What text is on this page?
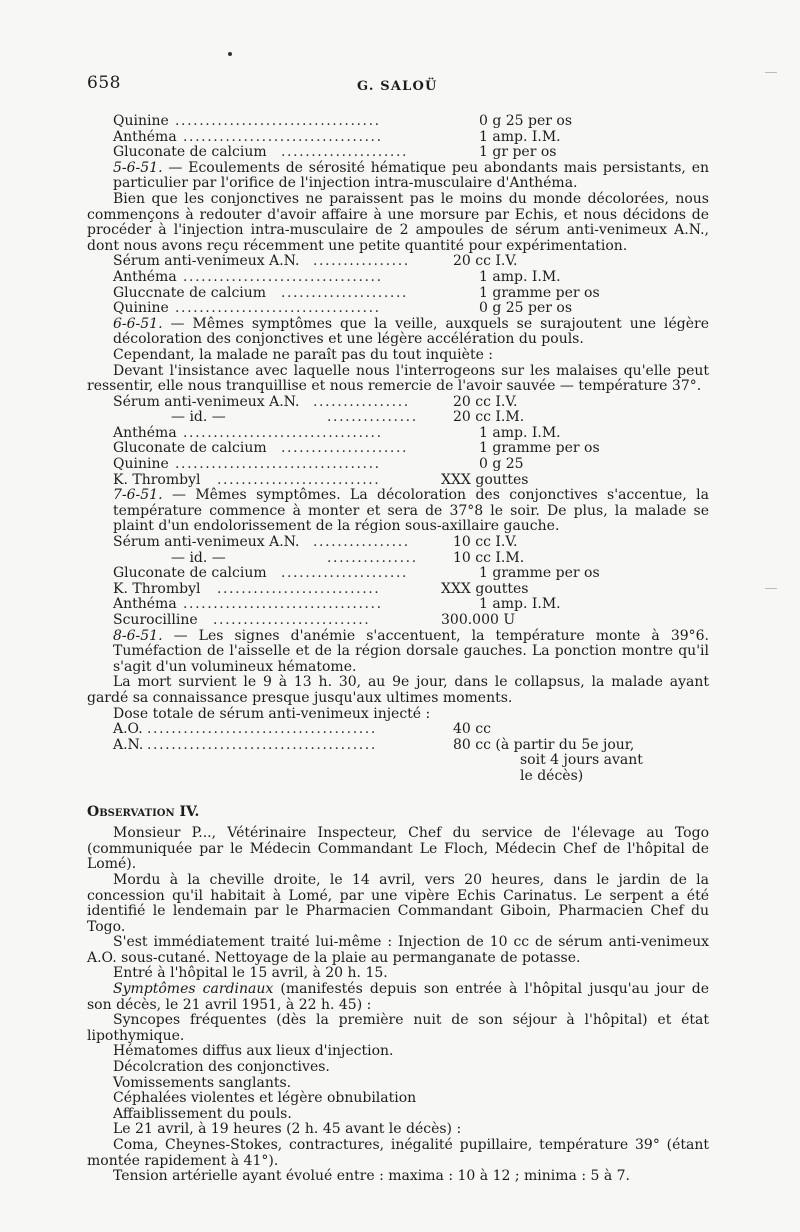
658	G. SALOÜ
Quinine ..................................	0 g 25 per os
Anthéma .................................	1 amp. I.M.
Gluconate de calcium .....................	1 gr per os

5-6-51. — Ecoulements de sérosité hématique peu abondants mais persistants, en particulier par l'orifice de l'injection intra-musculaire d'Anthéma.

Bien que les conjonctives ne paraissent pas le moins du monde décolorées, nous commençons à redouter d'avoir affaire à une morsure par Echis, et nous décidons de procéder à l'injection intra-musculaire de 2 ampoules de sérum anti-venimeux A.N., dont nous avons reçu récemment une petite quantité pour expérimentation.

Sérum anti-venimeux A.N. ................	20 cc I.V.
Anthéma .................................	1 amp. I.M.
Gluccnate de calcium .....................	1 gramme per os
Quinine ..................................	0 g 25 per os

6-6-51. — Mêmes symptômes que la veille, auxquels se surajoutent une légère décoloration des conjonctives et une légère accélération du pouls.

Cependant, la malade ne paraît pas du tout inquiète :

Devant l'insistance avec laquelle nous l'interrogeons sur les malaises qu'elle peut ressentir, elle nous tranquillise et nous remercie de l'avoir sauvée — température 37°.

Sérum anti-venimeux A.N. ................	20 cc I.V.
— id. —	...............	20 cc I.M.
Anthéma .................................	1 amp. I.M.
Gluconate de calcium .....................	1 gramme per os
Quinine ..................................	0 g 25
K. Thrombyl ...........................	XXX gouttes

7-6-51. — Mêmes symptômes. La décoloration des conjonctives s'accentue, la température commence à monter et sera de 37°8 le soir. De plus, la malade se plaint d'un endolorissement de la région sous-axillaire gauche.

Sérum anti-venimeux A.N. ................	10 cc I.V.
— id. —	...............	10 cc I.M.
Gluconate de calcium .....................	1 gramme per os
K. Thrombyl ...........................	XXX gouttes
Anthéma .................................	1 amp. I.M.
Scurocilline ..........................	300.000 U

8-6-51. — Les signes d'anémie s'accentuent, la température monte à 39°6. Tuméfaction de l'aisselle et de la région dorsale gauches. La ponction montre qu'il s'agit d'un volumineux hématome.

La mort survient le 9 à 13 h. 30, au 9e jour, dans le collapsus, la malade ayant gardé sa connaissance presque jusqu'aux ultimes moments.

Dose totale de sérum anti-venimeux injecté :

A.O. ......................................	40 cc
A.N. ......................................	80 cc (à partir du 5e jour,
soit 4 jours avant
le décès)
Observation IV.

Monsieur P..., Vétérinaire Inspecteur, Chef du service de l'élevage au Togo (communiquée par le Médecin Commandant Le Floch, Médecin Chef de l'hôpital de Lomé).

Mordu à la cheville droite, le 14 avril, vers 20 heures, dans le jardin de la concession qu'il habitait à Lomé, par une vipère Echis Carinatus. Le serpent a été identifié le lendemain par le Pharmacien Commandant Giboin, Pharmacien Chef du Togo.

S'est immédiatement traité lui-même : Injection de 10 cc de sérum anti-venimeux A.O. sous-cutané. Nettoyage de la plaie au permanganate de potasse.

Entré à l'hôpital le 15 avril, à 20 h. 15.

Symptômes cardinaux (manifestés depuis son entrée à l'hôpital jusqu'au jour de son décès, le 21 avril 1951, à 22 h. 45) :

Syncopes fréquentes (dès la première nuit de son séjour à l'hôpital) et état lipothymique.

Hématomes diffus aux lieux d'injection.
Décolcration des conjonctives.
Vomissements sanglants.
Céphalées violentes et légère obnubilation
Affaiblissement du pouls.

Le 21 avril, à 19 heures (2 h. 45 avant le décès) :

Coma, Cheynes-Stokes, contractures, inégalité pupillaire, température 39° (étant montée rapidement à 41°).

Tension artérielle ayant évolué entre : maxima : 10 à 12 ; minima : 5 à 7.
